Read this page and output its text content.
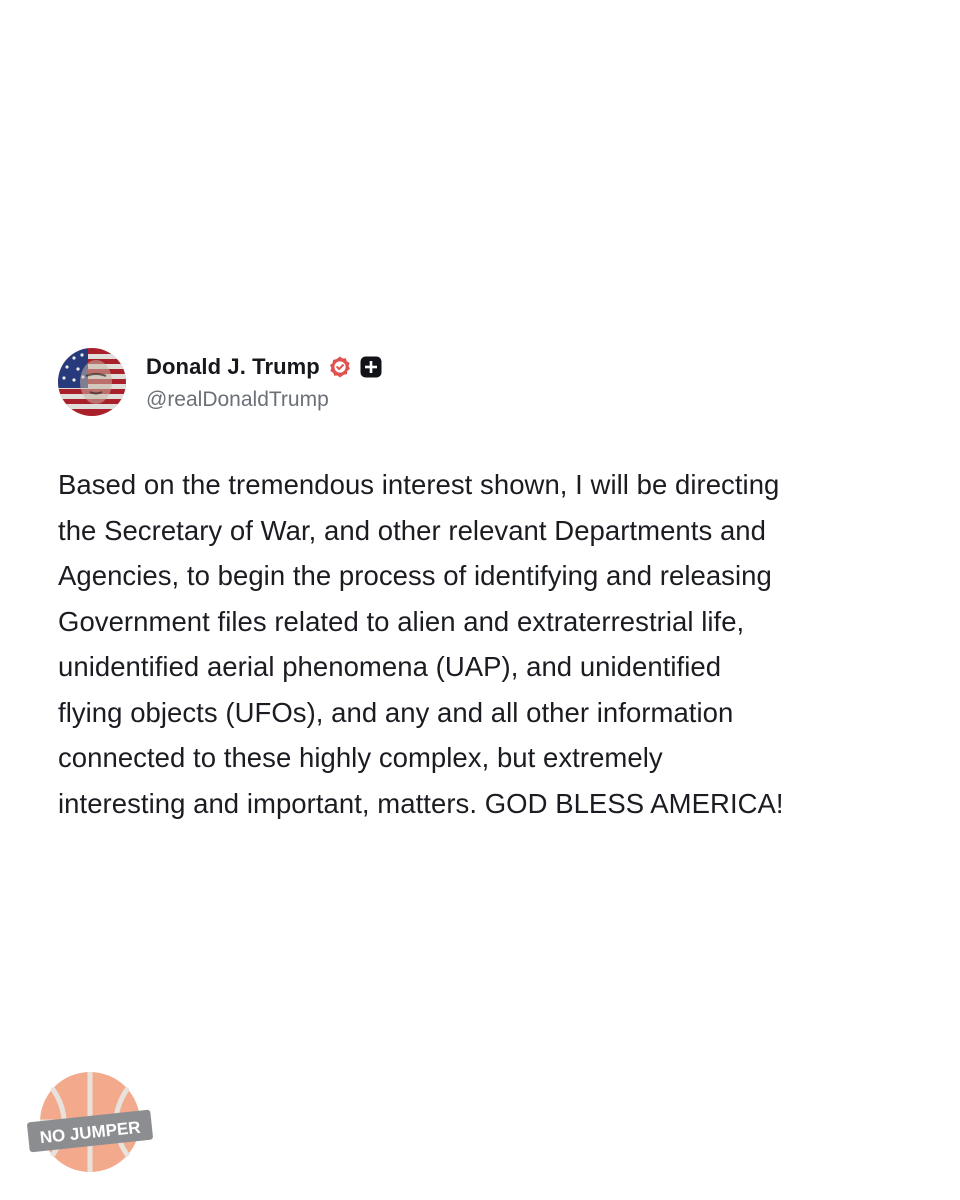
Donald J. Trump
@realDonaldTrump
Based on the tremendous interest shown, I will be directing
the Secretary of War, and other relevant Departments and
Agencies, to begin the process of identifying and releasing
Government files related to alien and extraterrestrial life,
unidentified aerial phenomena (UAP), and unidentified
flying objects (UFOs), and any and all other information
connected to these highly complex, but extremely
interesting and important, matters. GOD BLESS AMERICA!
NO JUMPER
